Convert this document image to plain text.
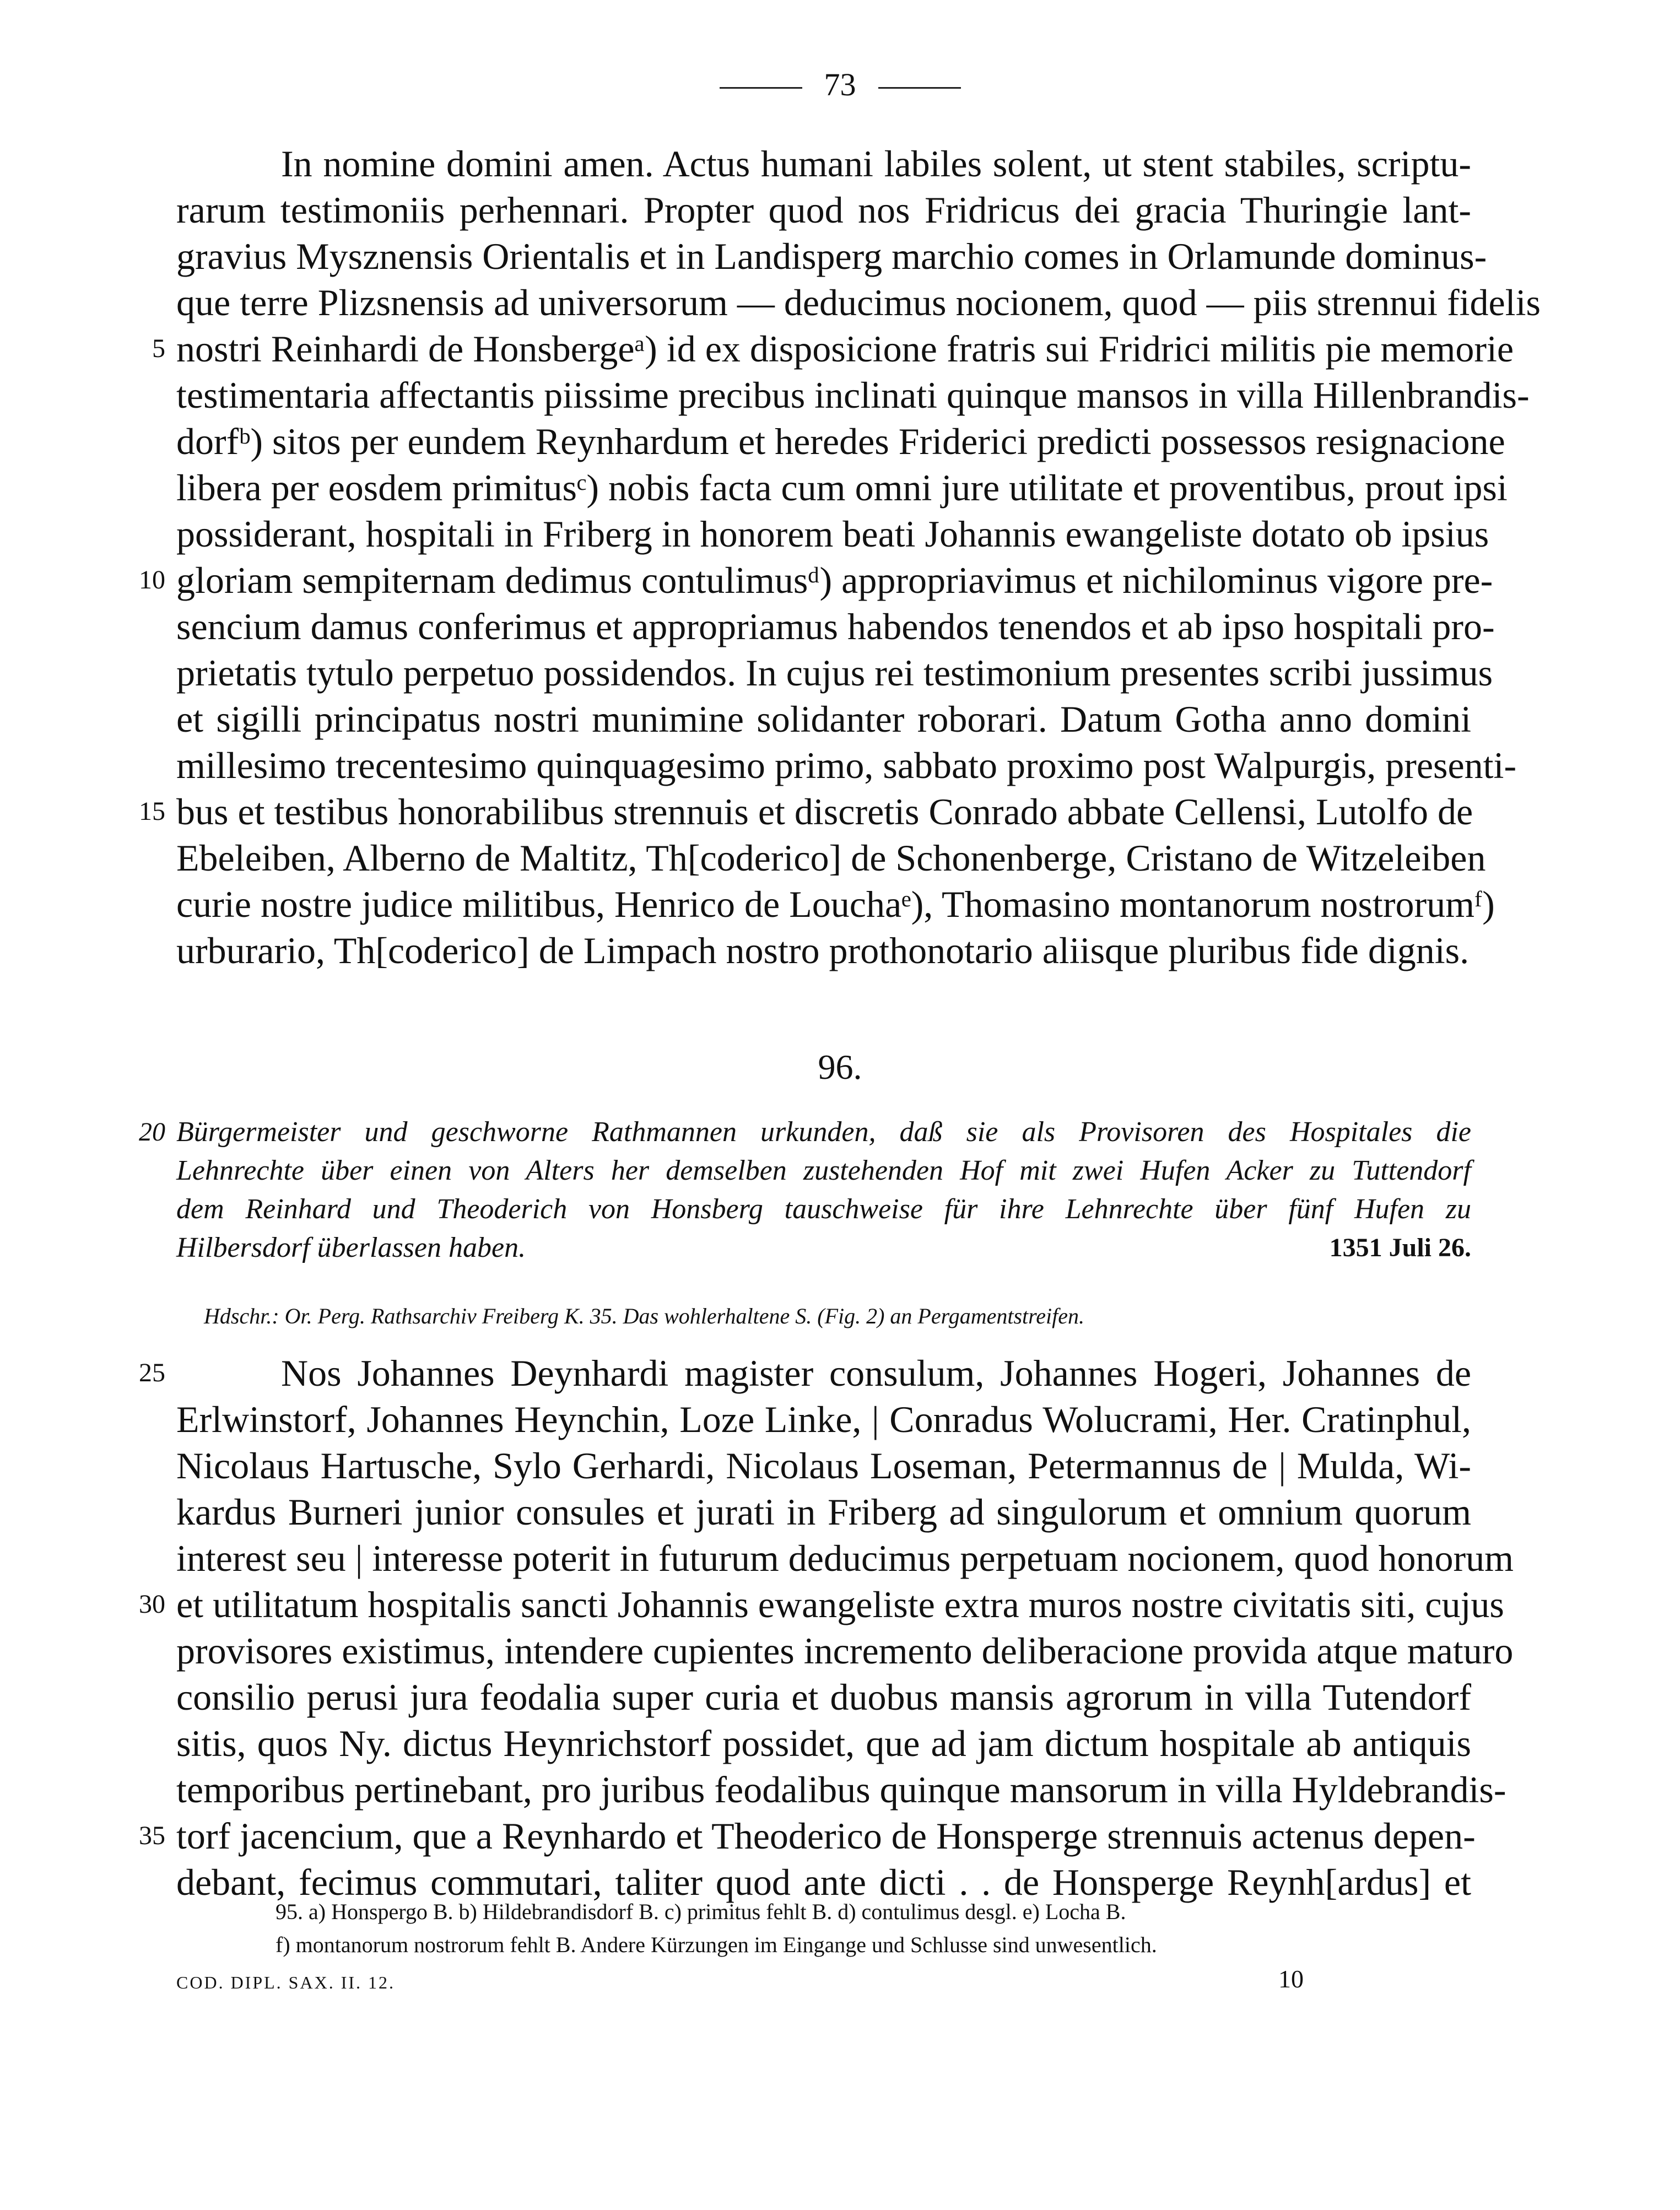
73
In nomine domini amen. Actus humani labiles solent, ut stent stabiles, scriptu-
rarum testimoniis perhennari. Propter quod nos Fridricus dei gracia Thuringie lant-
gravius Mysznensis Orientalis et in Landisperg marchio comes in Orlamunde dominus-
que terre Plizsnensis ad universorum — deducimus nocionem, quod — piis strennui fidelis
5 nostri Reinhardi de Honsbergeᵃ) id ex disposicione fratris sui Fridrici militis pie memorie
testimentaria affectantis piissime precibus inclinati quinque mansos in villa Hillenbrandis-
dorfᵇ) sitos per eundem Reynhardum et heredes Friderici predicti possessos resignacione
libera per eosdem primitusᶜ) nobis facta cum omni jure utilitate et proventibus, prout ipsi
possiderant, hospitali in Friberg in honorem beati Johannis ewangeliste dotato ob ipsius
10 gloriam sempiternam dedimus contulimusᵈ) appropriavimus et nichilominus vigore pre-
sencium damus conferimus et appropriamus habendos tenendos et ab ipso hospitali pro-
prietatis tytulo perpetuo possidendos. In cujus rei testimonium presentes scribi jussimus
et sigilli principatus nostri munimine solidanter roborari. Datum Gotha anno domini
millesimo trecentesimo quinquagesimo primo, sabbato proximo post Walpurgis, presenti-
15 bus et testibus honorabilibus strennuis et discretis Conrado abbate Cellensi, Lutolfo de
Ebeleiben, Alberno de Maltitz, Th[coderico] de Schonenberge, Cristano de Witzeleiben
curie nostre judice militibus, Henrico de Louchaᵉ), Thomasino montanorum nostrorumᶠ)
urburario, Th[coderico] de Limpach nostro prothonotario aliisque pluribus fide dignis.
96.
20 Bürgermeister und geschworne Rathmannen urkunden, daß sie als Provisoren des Hospitales die
Lehnrechte über einen von Alters her demselben zustehenden Hof mit zwei Hufen Acker zu Tuttendorf
dem Reinhard und Theoderich von Honsberg tauschweise für ihre Lehnrechte über fünf Hufen zu
Hilbersdorf überlassen haben.	1351 Juli 26.
Hdschr.: Or. Perg. Rathsarchiv Freiberg K. 35. Das wohlerhaltene S. (Fig. 2) an Pergamentstreifen.
25	Nos Johannes Deynhardi magister consulum, Johannes Hogeri, Johannes de
Erlwinstorf, Johannes Heynchin, Loze Linke, | Conradus Wolucrami, Her. Cratinphul,
Nicolaus Hartusche, Sylo Gerhardi, Nicolaus Loseman, Petermannus de | Mulda, Wi-
kardus Burneri junior consules et jurati in Friberg ad singulorum et omnium quorum
interest seu | interesse poterit in futurum deducimus perpetuam nocionem, quod honorum
30 et utilitatum hospitalis sancti Johannis ewangeliste extra muros nostre civitatis siti, cujus
provisores existimus, intendere cupientes incremento deliberacione provida atque maturo
consilio perusi jura feodalia super curia et duobus mansis agrorum in villa Tutendorf
sitis, quos Ny. dictus Heynrichstorf possidet, que ad jam dictum hospitale ab antiquis
temporibus pertinebant, pro juribus feodalibus quinque mansorum in villa Hyldebrandis-
35 torf jacencium, que a Reynhardo et Theoderico de Honsperge strennuis actenus depen-
debant, fecimus commutari, taliter quod ante dicti . . de Honsperge Reynh[ardus] et
95. a) Honspergo B. b) Hildebrandisdorf B. c) primitus fehlt B. d) contulimus desgl. e) Locha B.
f) montanorum nostrorum fehlt B. Andere Kürzungen im Eingange und Schlusse sind unwesentlich.
COD. DIPL. SAX. II. 12.	10
